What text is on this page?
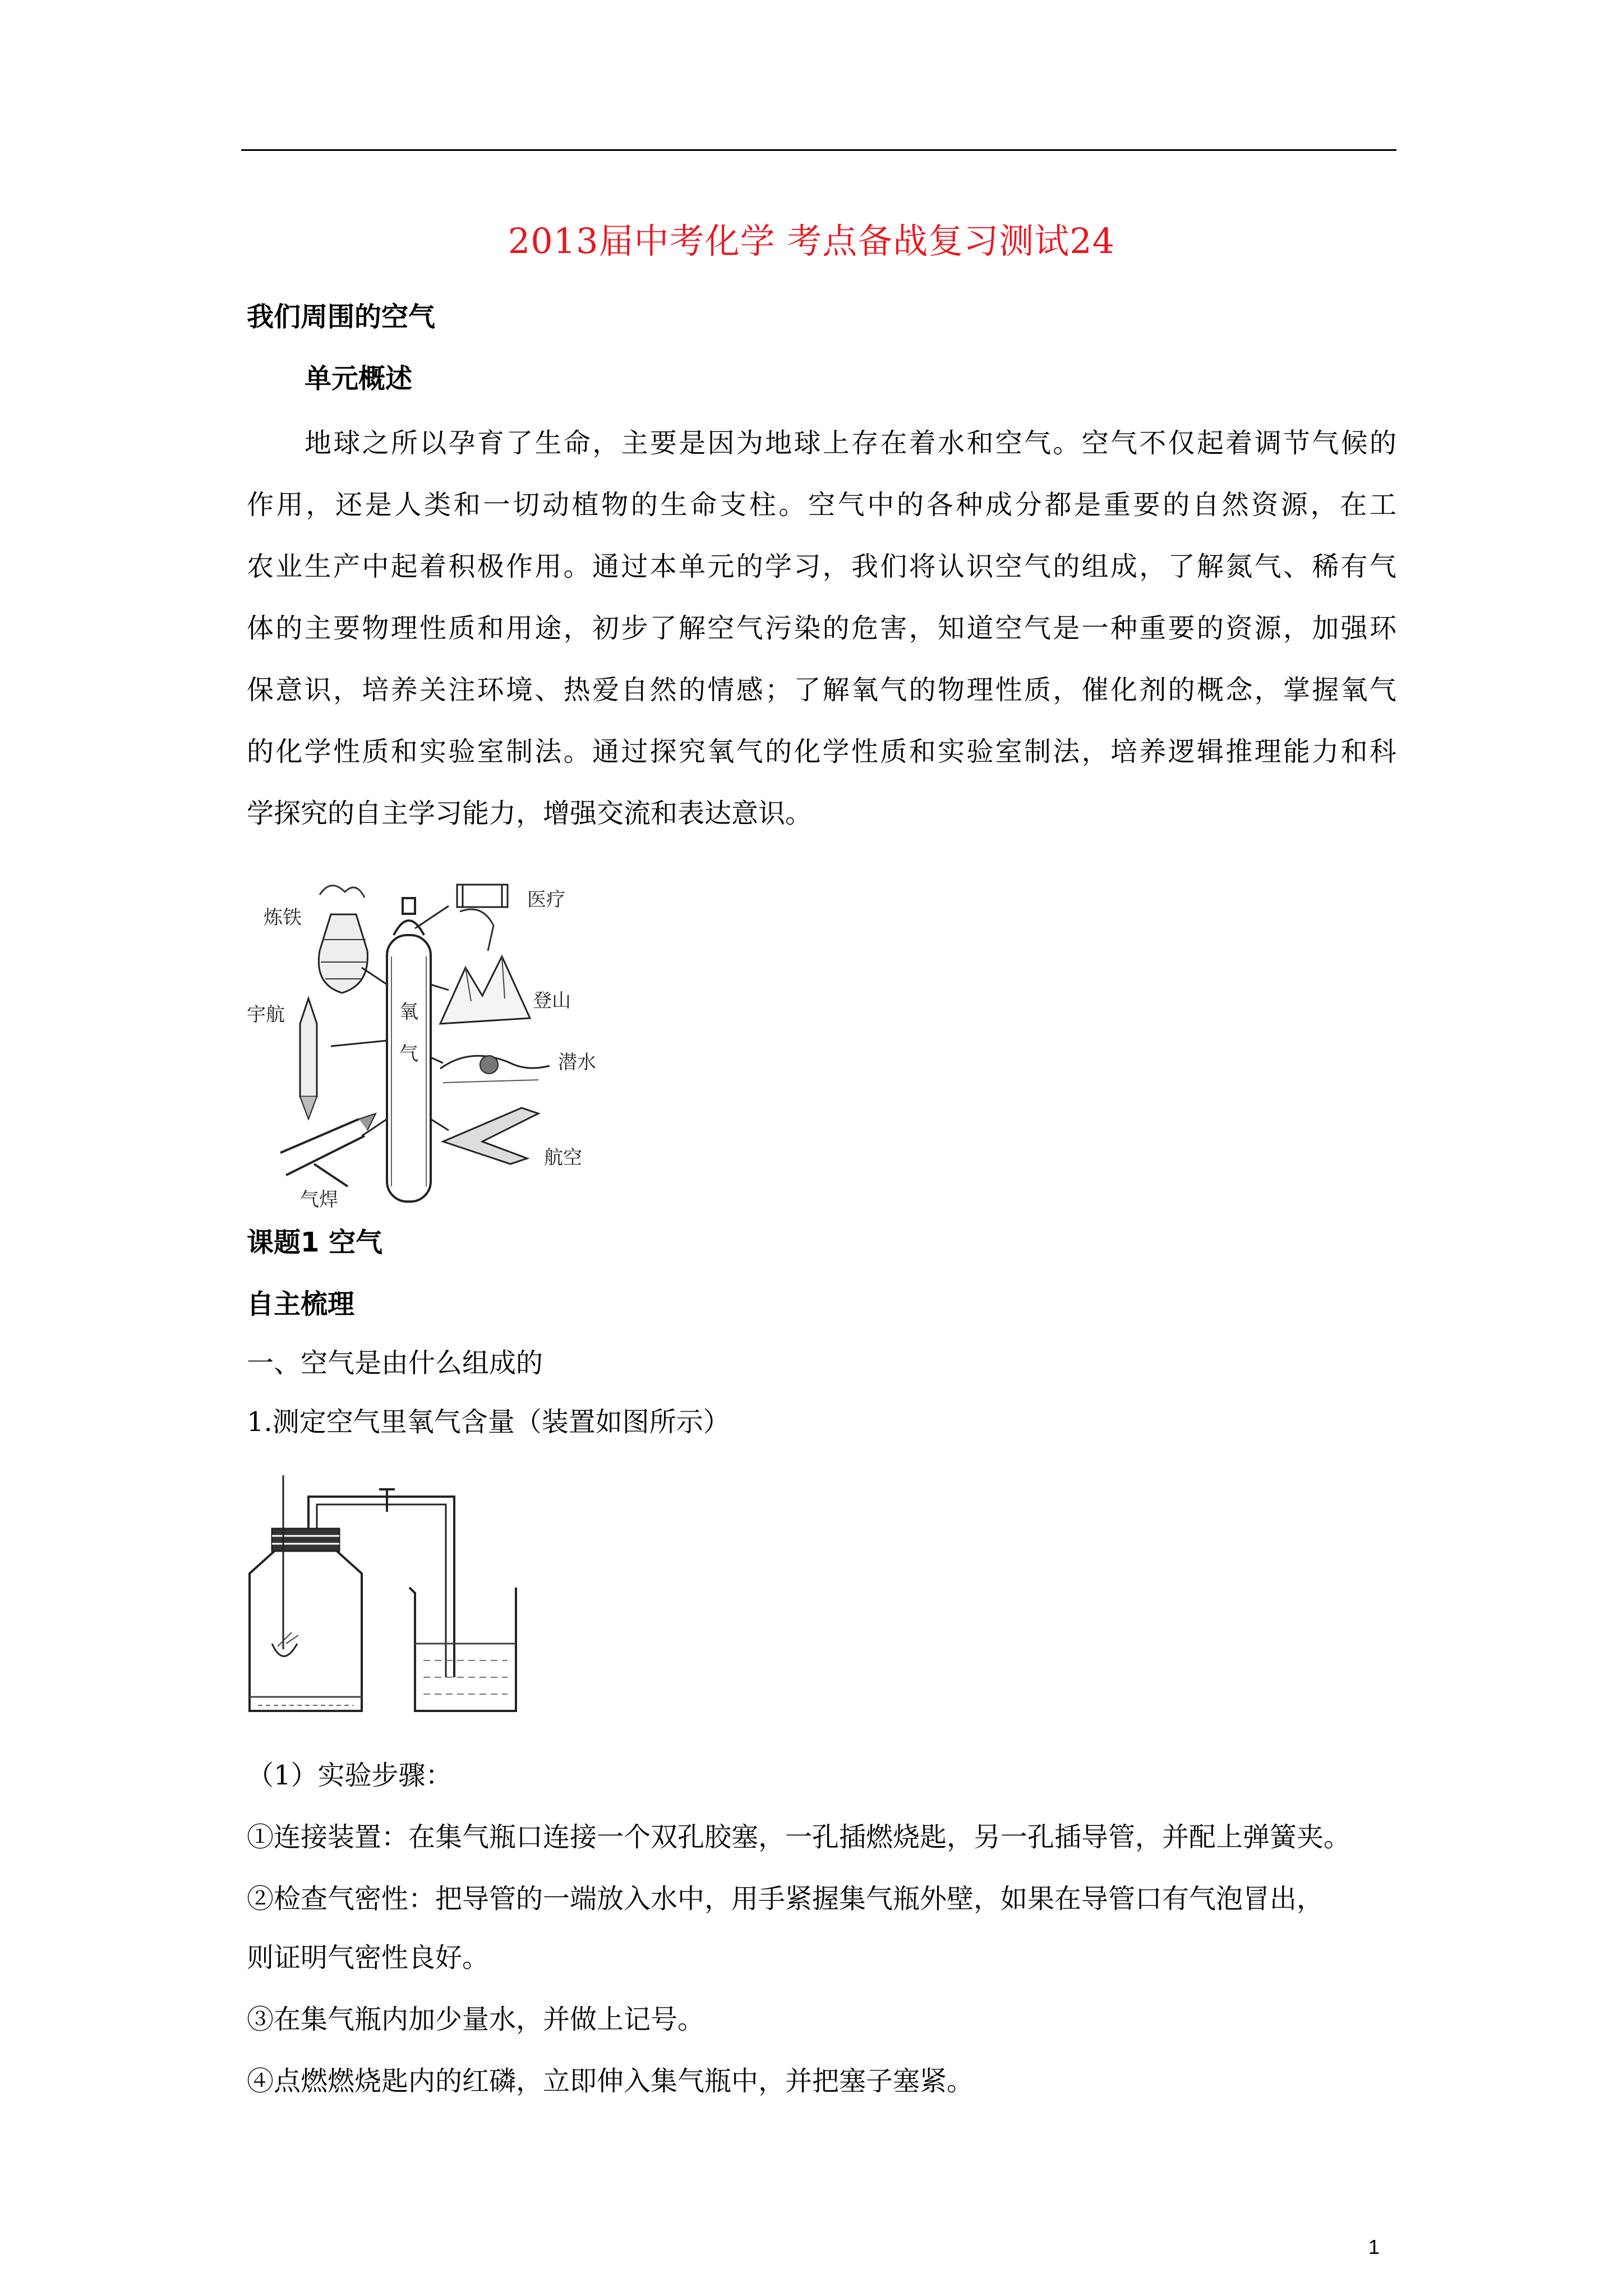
2013届中考化学 考点备战复习测试24
我们周围的空气
单元概述
地球之所以孕育了生命，主要是因为地球上存在着水和空气。空气不仅起着调节气候的
作用，还是人类和一切动植物的生命支柱。空气中的各种成分都是重要的自然资源，在工
农业生产中起着积极作用。通过本单元的学习，我们将认识空气的组成，了解氮气、稀有气
体的主要物理性质和用途，初步了解空气污染的危害，知道空气是一种重要的资源，加强环
保意识，培养关注环境、热爱自然的情感；了解氧气的物理性质，催化剂的概念，掌握氧气
的化学性质和实验室制法。通过探究氧气的化学性质和实验室制法，培养逻辑推理能力和科
学探究的自主学习能力，增强交流和表达意识。
氧
气
炼铁
医疗
登山
宇航
潜水
航空
气焊
课题1 空气
自主梳理
一、空气是由什么组成的
1.测定空气里氧气含量（装置如图所示）
（1）实验步骤：
①连接装置：在集气瓶口连接一个双孔胶塞，一孔插燃烧匙，另一孔插导管，并配上弹簧夹。
②检查气密性：把导管的一端放入水中，用手紧握集气瓶外壁，如果在导管口有气泡冒出，
则证明气密性良好。
③在集气瓶内加少量水，并做上记号。
④点燃燃烧匙内的红磷，立即伸入集气瓶中，并把塞子塞紧。
1
